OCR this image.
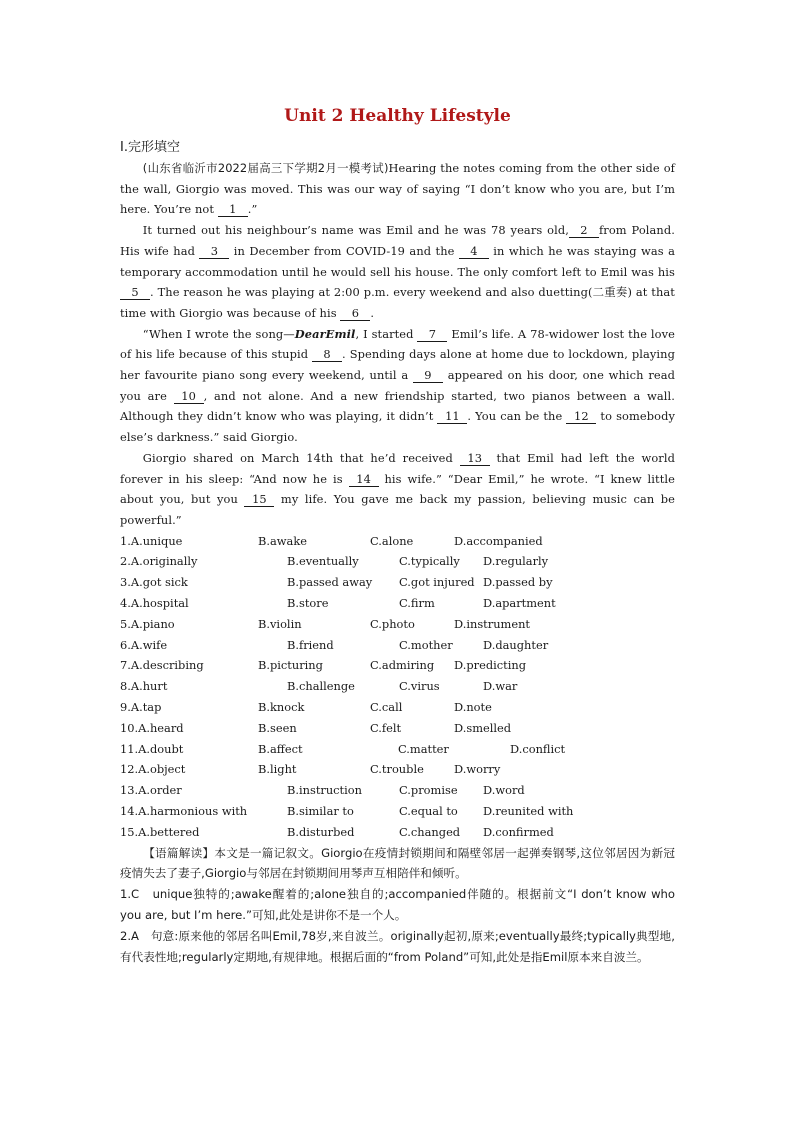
Unit 2 Healthy Lifestyle
Ⅰ.完形填空

(山东省临沂市2022届高三下学期2月一模考试)Hearing the notes coming from the other side of the wall, Giorgio was moved. This was our way of saying “I don’t know who you are, but I’m here. You’re not 1 .”

It turned out his neighbour’s name was Emil and he was 78 years old, 2 from Poland. His wife had 3 in December from COVID-19 and the 4 in which he was staying was a temporary accommodation until he would sell his house. The only comfort left to Emil was his 5 . The reason he was playing at 2:00 p.m. every weekend and also duetting(二重奏) at that time with Giorgio was because of his 6 .

“When I wrote the song—DearEmil, I started 7 Emil’s life. A 78-widower lost the love of his life because of this stupid 8 . Spending days alone at home due to lockdown, playing her favourite piano song every weekend, until a 9 appeared on his door, one which read you are 10 , and not alone. And a new friendship started, two pianos between a wall. Although they didn’t know who was playing, it didn’t 11 . You can be the 12 to somebody else’s darkness.” said Giorgio.

Giorgio shared on March 14th that he’d received 13 that Emil had left the world forever in his sleep: “And now he is 14 his wife.” “Dear Emil,” he wrote. “I knew little about you, but you 15 my life. You gave me back my passion, believing music can be powerful.”

1.A.unique	B.awake	C.alone	D.accompanied
2.A.originally	B.eventually	C.typically	D.regularly
3.A.got sick	B.passed away	C.got injured D.passed by
4.A.hospital	B.store	C.firm	D.apartment
5.A.piano	B.violin	C.photo	D.instrument
6.A.wife	B.friend	C.mother	D.daughter
7.A.describing	B.picturing	C.admiring	D.predicting
8.A.hurt	B.challenge	C.virus	D.war
9.A.tap	B.knock	C.call	D.note
10.A.heard	B.seen	C.felt	D.smelled
11.A.doubt	B.affect	C.matter	D.conflict
12.A.object	B.light	C.trouble	D.worry
13.A.order	B.instruction	C.promise	D.word
14.A.harmonious with	B.similar to	C.equal to	D.reunited with
15.A.bettered	B.disturbed	C.changed	D.confirmed

【语篇解读】本文是一篇记叙文。Giorgio在疫情封锁期间和隔壁邻居一起弹奏钢琴,这位邻居因为新冠疫情失去了妻子,Giorgio与邻居在封锁期间用琴声互相陪伴和倾听。

1.C　unique独特的;awake醒着的;alone独自的;accompanied伴随的。根据前文“I don’t know who you are, but I’m here.”可知,此处是讲你不是一个人。

2.A　句意:原来他的邻居名叫Emil,78岁,来自波兰。originally起初,原来;eventually最终;typically典型地,有代表性地;regularly定期地,有规律地。根据后面的“from Poland”可知,此处是指Emil原本来自波兰。
